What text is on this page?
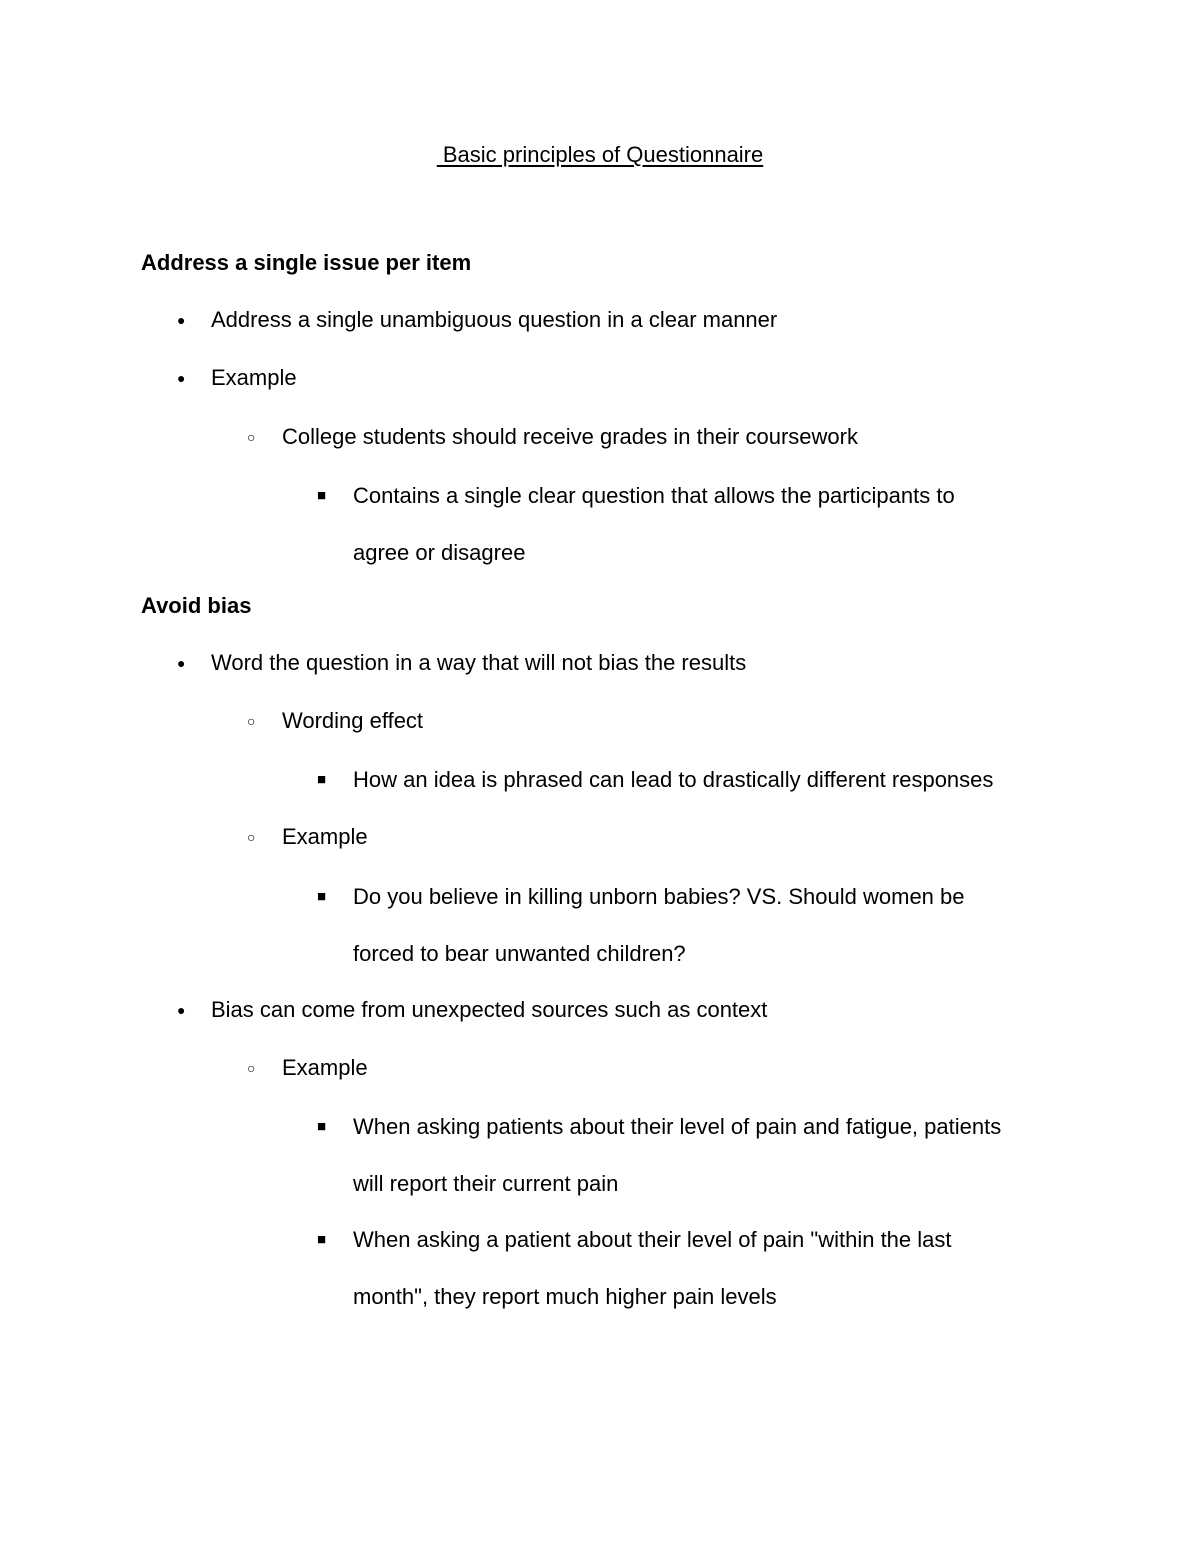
Basic principles of Questionnaire
Address a single issue per item
● Address a single unambiguous question in a clear manner
● Example
○ College students should receive grades in their coursework
■ Contains a single clear question that allows the participants to
agree or disagree
Avoid bias
● Word the question in a way that will not bias the results
○ Wording effect
■ How an idea is phrased can lead to drastically different responses
○ Example
■ Do you believe in killing unborn babies? VS. Should women be
forced to bear unwanted children?
● Bias can come from unexpected sources such as context
○ Example
■ When asking patients about their level of pain and fatigue, patients
will report their current pain
■ When asking a patient about their level of pain "within the last
month", they report much higher pain levels
